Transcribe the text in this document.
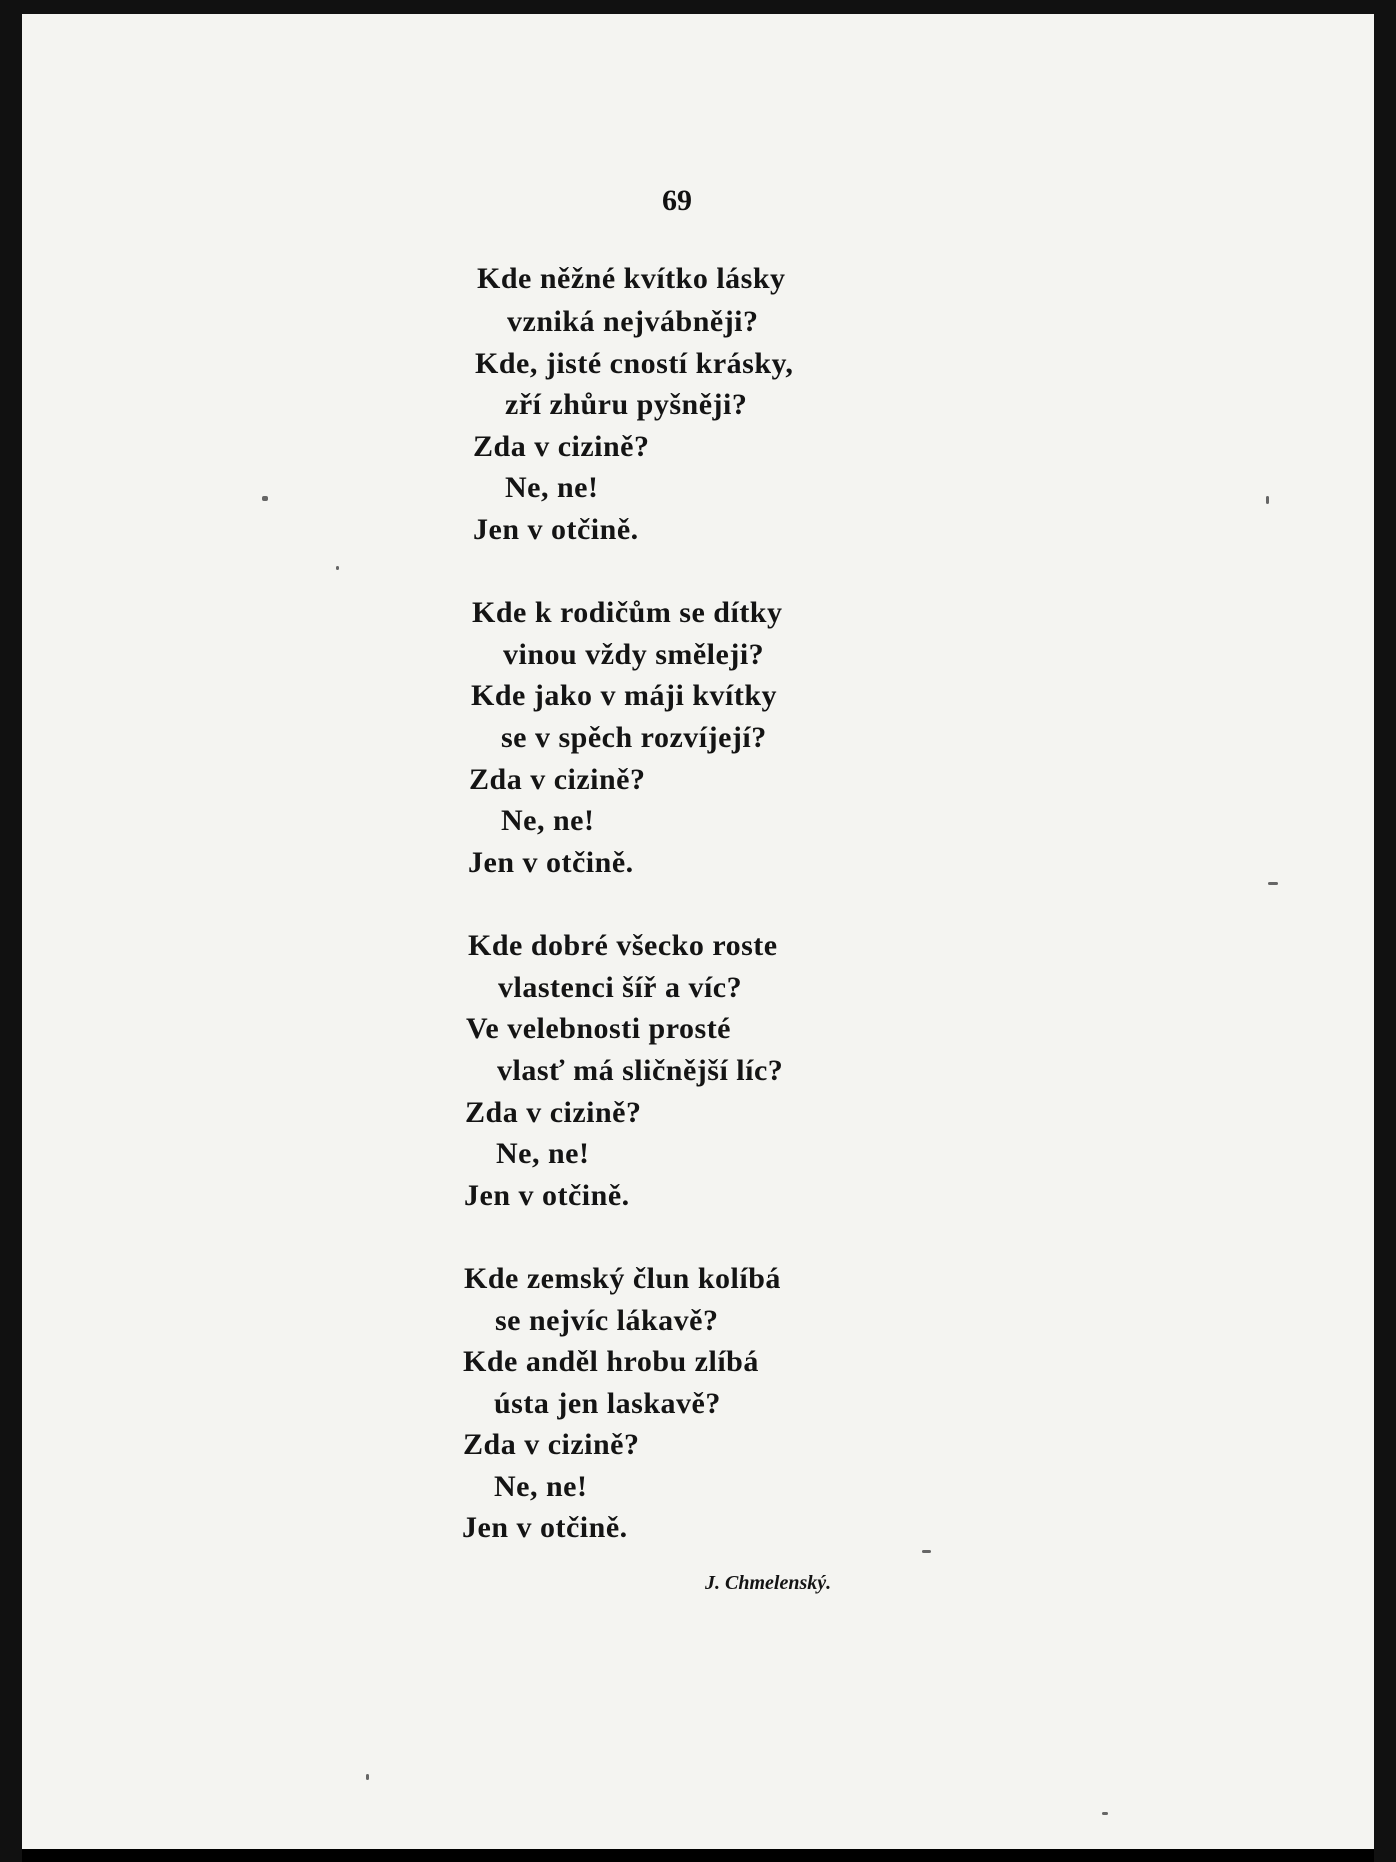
69
Kde něžné kvítko lásky
vzniká nejvábněji?
Kde, jisté cností krásky,
zří zhůru pyšněji?
Zda v cizině?
Ne, ne!
Jen v otčině.
Kde k rodičům se dítky
vinou vždy směleji?
Kde jako v máji kvítky
se v spěch rozvíjejí?
Zda v cizině?
Ne, ne!
Jen v otčině.
Kde dobré všecko roste
vlastenci šíř a víc?
Ve velebnosti prosté
vlasť má sličnější líc?
Zda v cizině?
Ne, ne!
Jen v otčině.
Kde zemský člun kolíbá
se nejvíc lákavě?
Kde anděl hrobu zlíbá
ústa jen laskavě?
Zda v cizině?
Ne, ne!
Jen v otčině.
J. Chmelenský.
